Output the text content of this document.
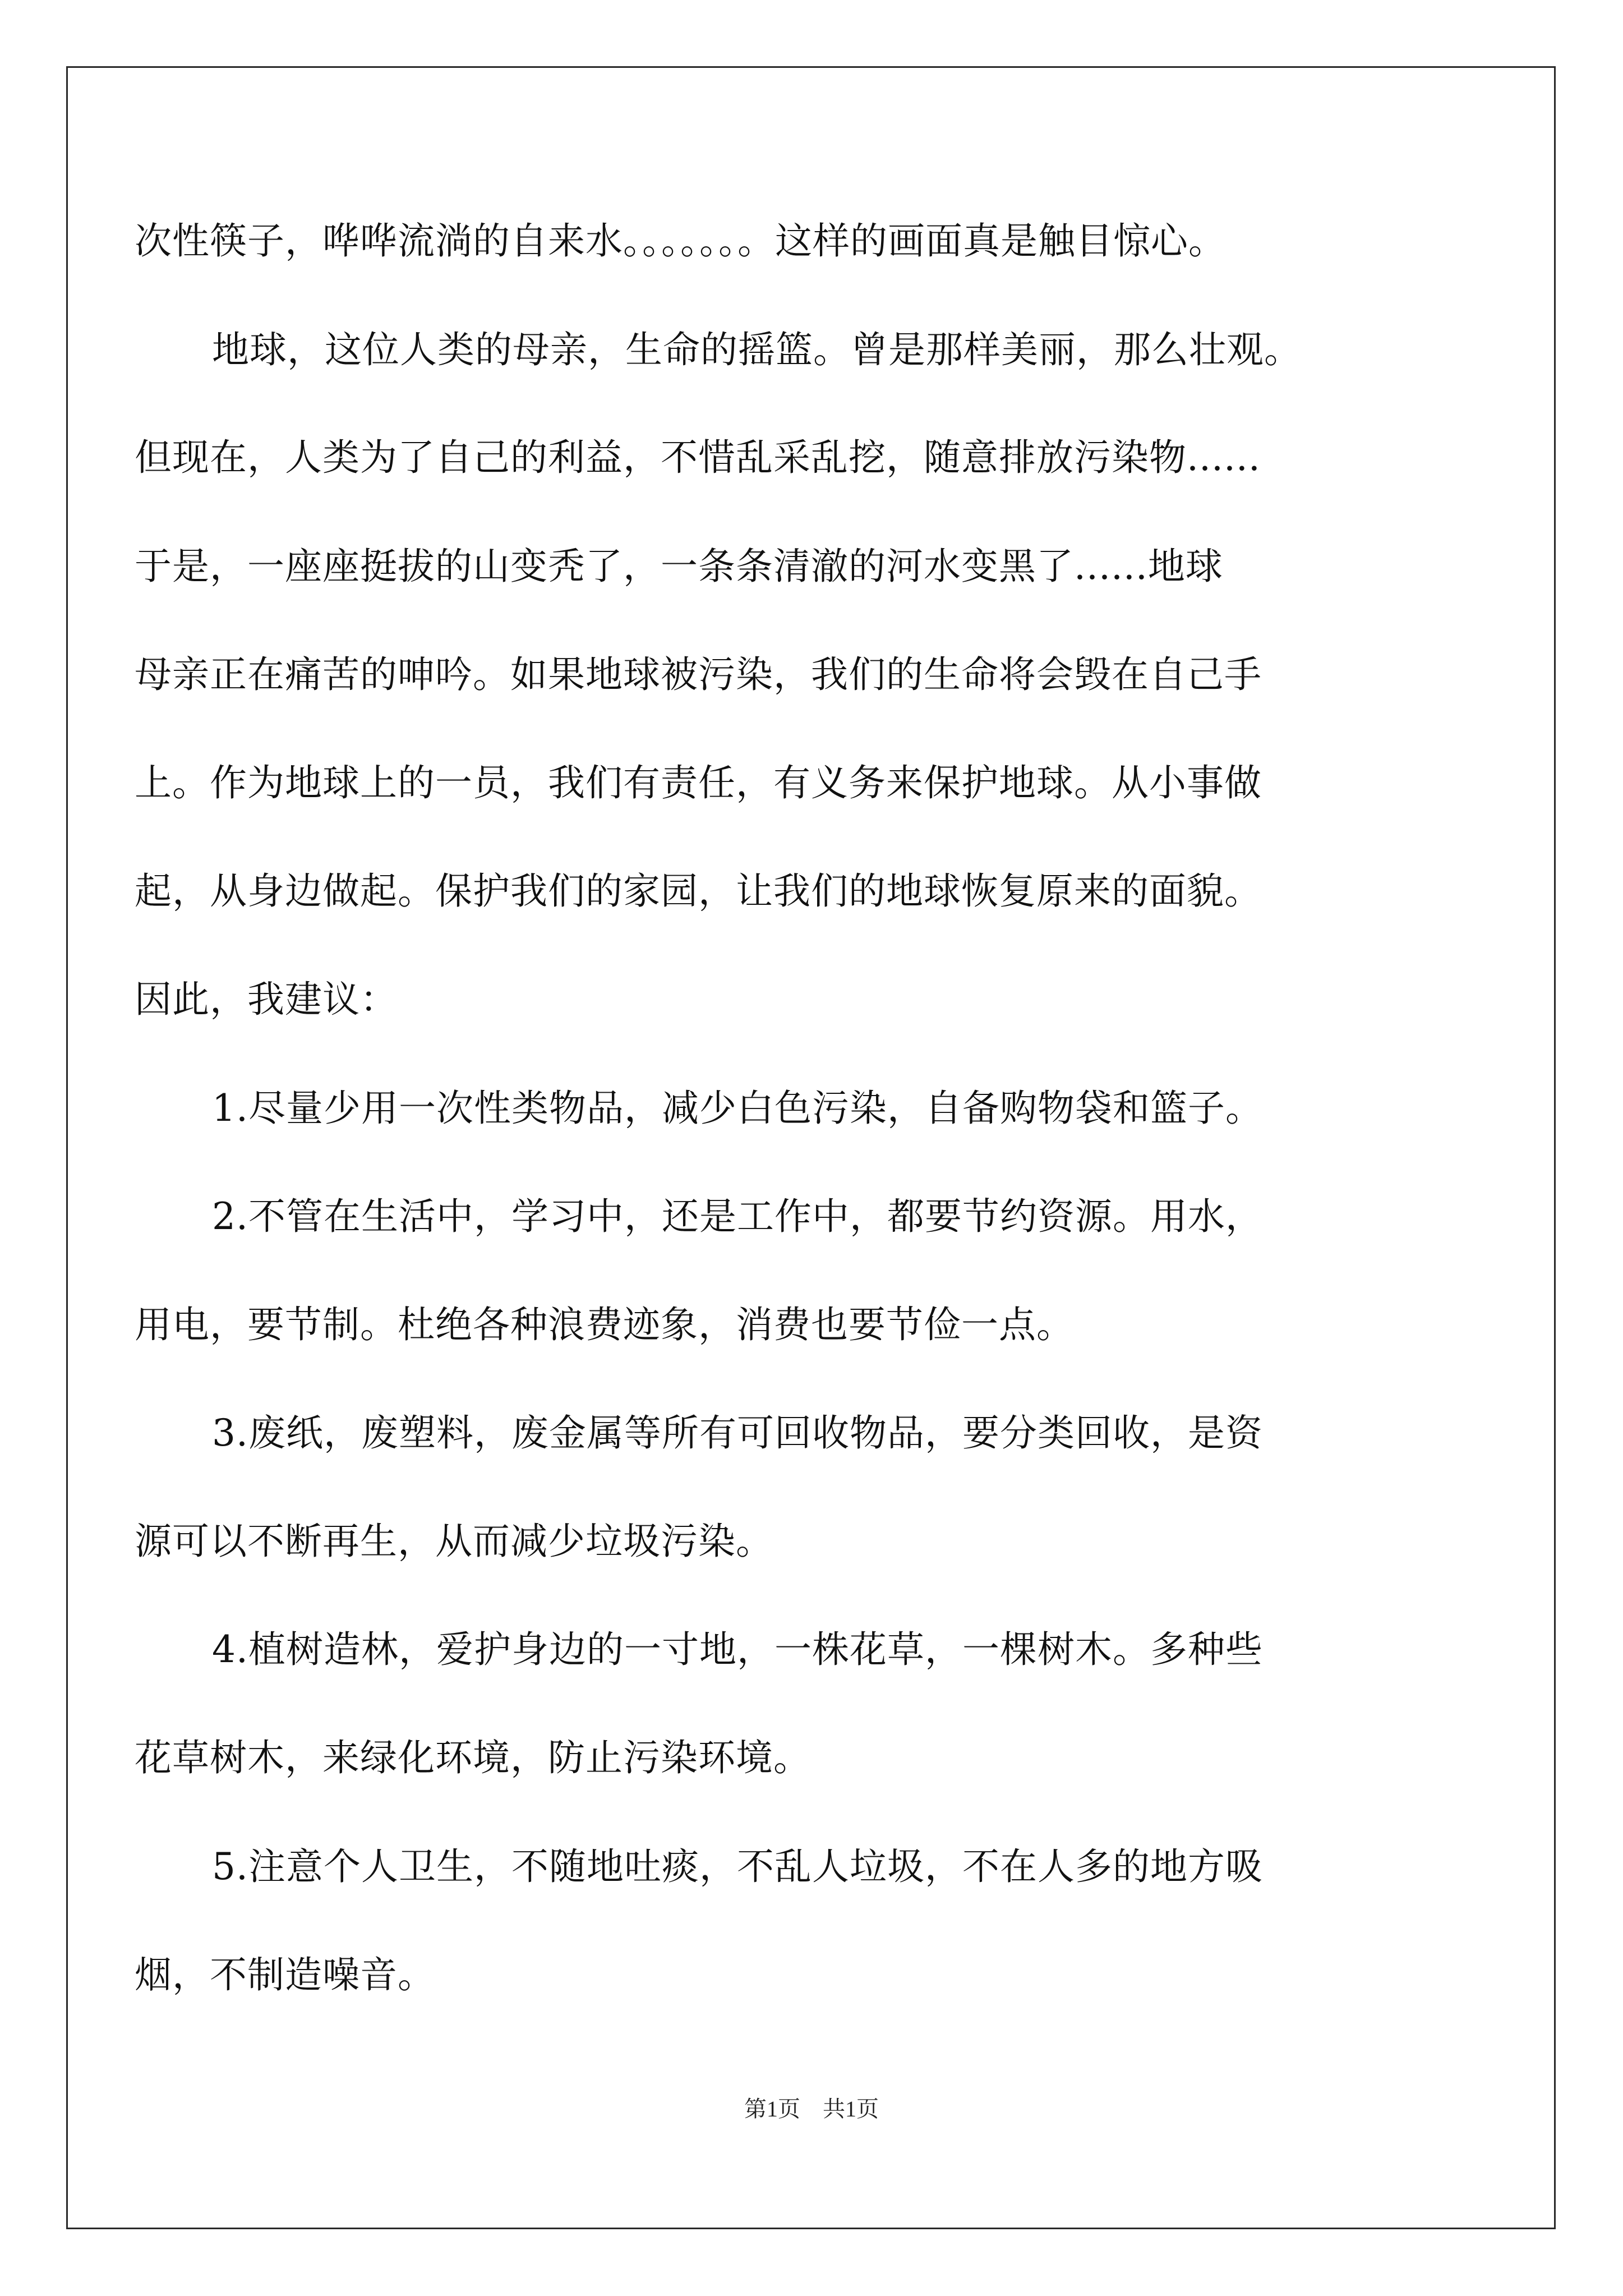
次性筷子，哗哗流淌的自来水。。。。。。。这样的画面真是触目惊心。
地球，这位人类的母亲，生命的摇篮。曾是那样美丽，那么壮观。
但现在，人类为了自己的利益，不惜乱采乱挖，随意排放污染物......
于是，一座座挺拔的山变秃了，一条条清澈的河水变黑了......地球
母亲正在痛苦的呻吟。如果地球被污染，我们的生命将会毁在自己手
上。作为地球上的一员，我们有责任，有义务来保护地球。从小事做
起，从身边做起。保护我们的家园，让我们的地球恢复原来的面貌。
因此，我建议：
1.尽量少用一次性类物品，减少白色污染，自备购物袋和篮子。
2.不管在生活中，学习中，还是工作中，都要节约资源。用水，
用电，要节制。杜绝各种浪费迹象，消费也要节俭一点。
3.废纸，废塑料，废金属等所有可回收物品，要分类回收，是资
源可以不断再生，从而减少垃圾污染。
4.植树造林，爱护身边的一寸地，一株花草，一棵树木。多种些
花草树木，来绿化环境，防止污染环境。
5.注意个人卫生，不随地吐痰，不乱人垃圾，不在人多的地方吸
烟，不制造噪音。
第1页　共1页
